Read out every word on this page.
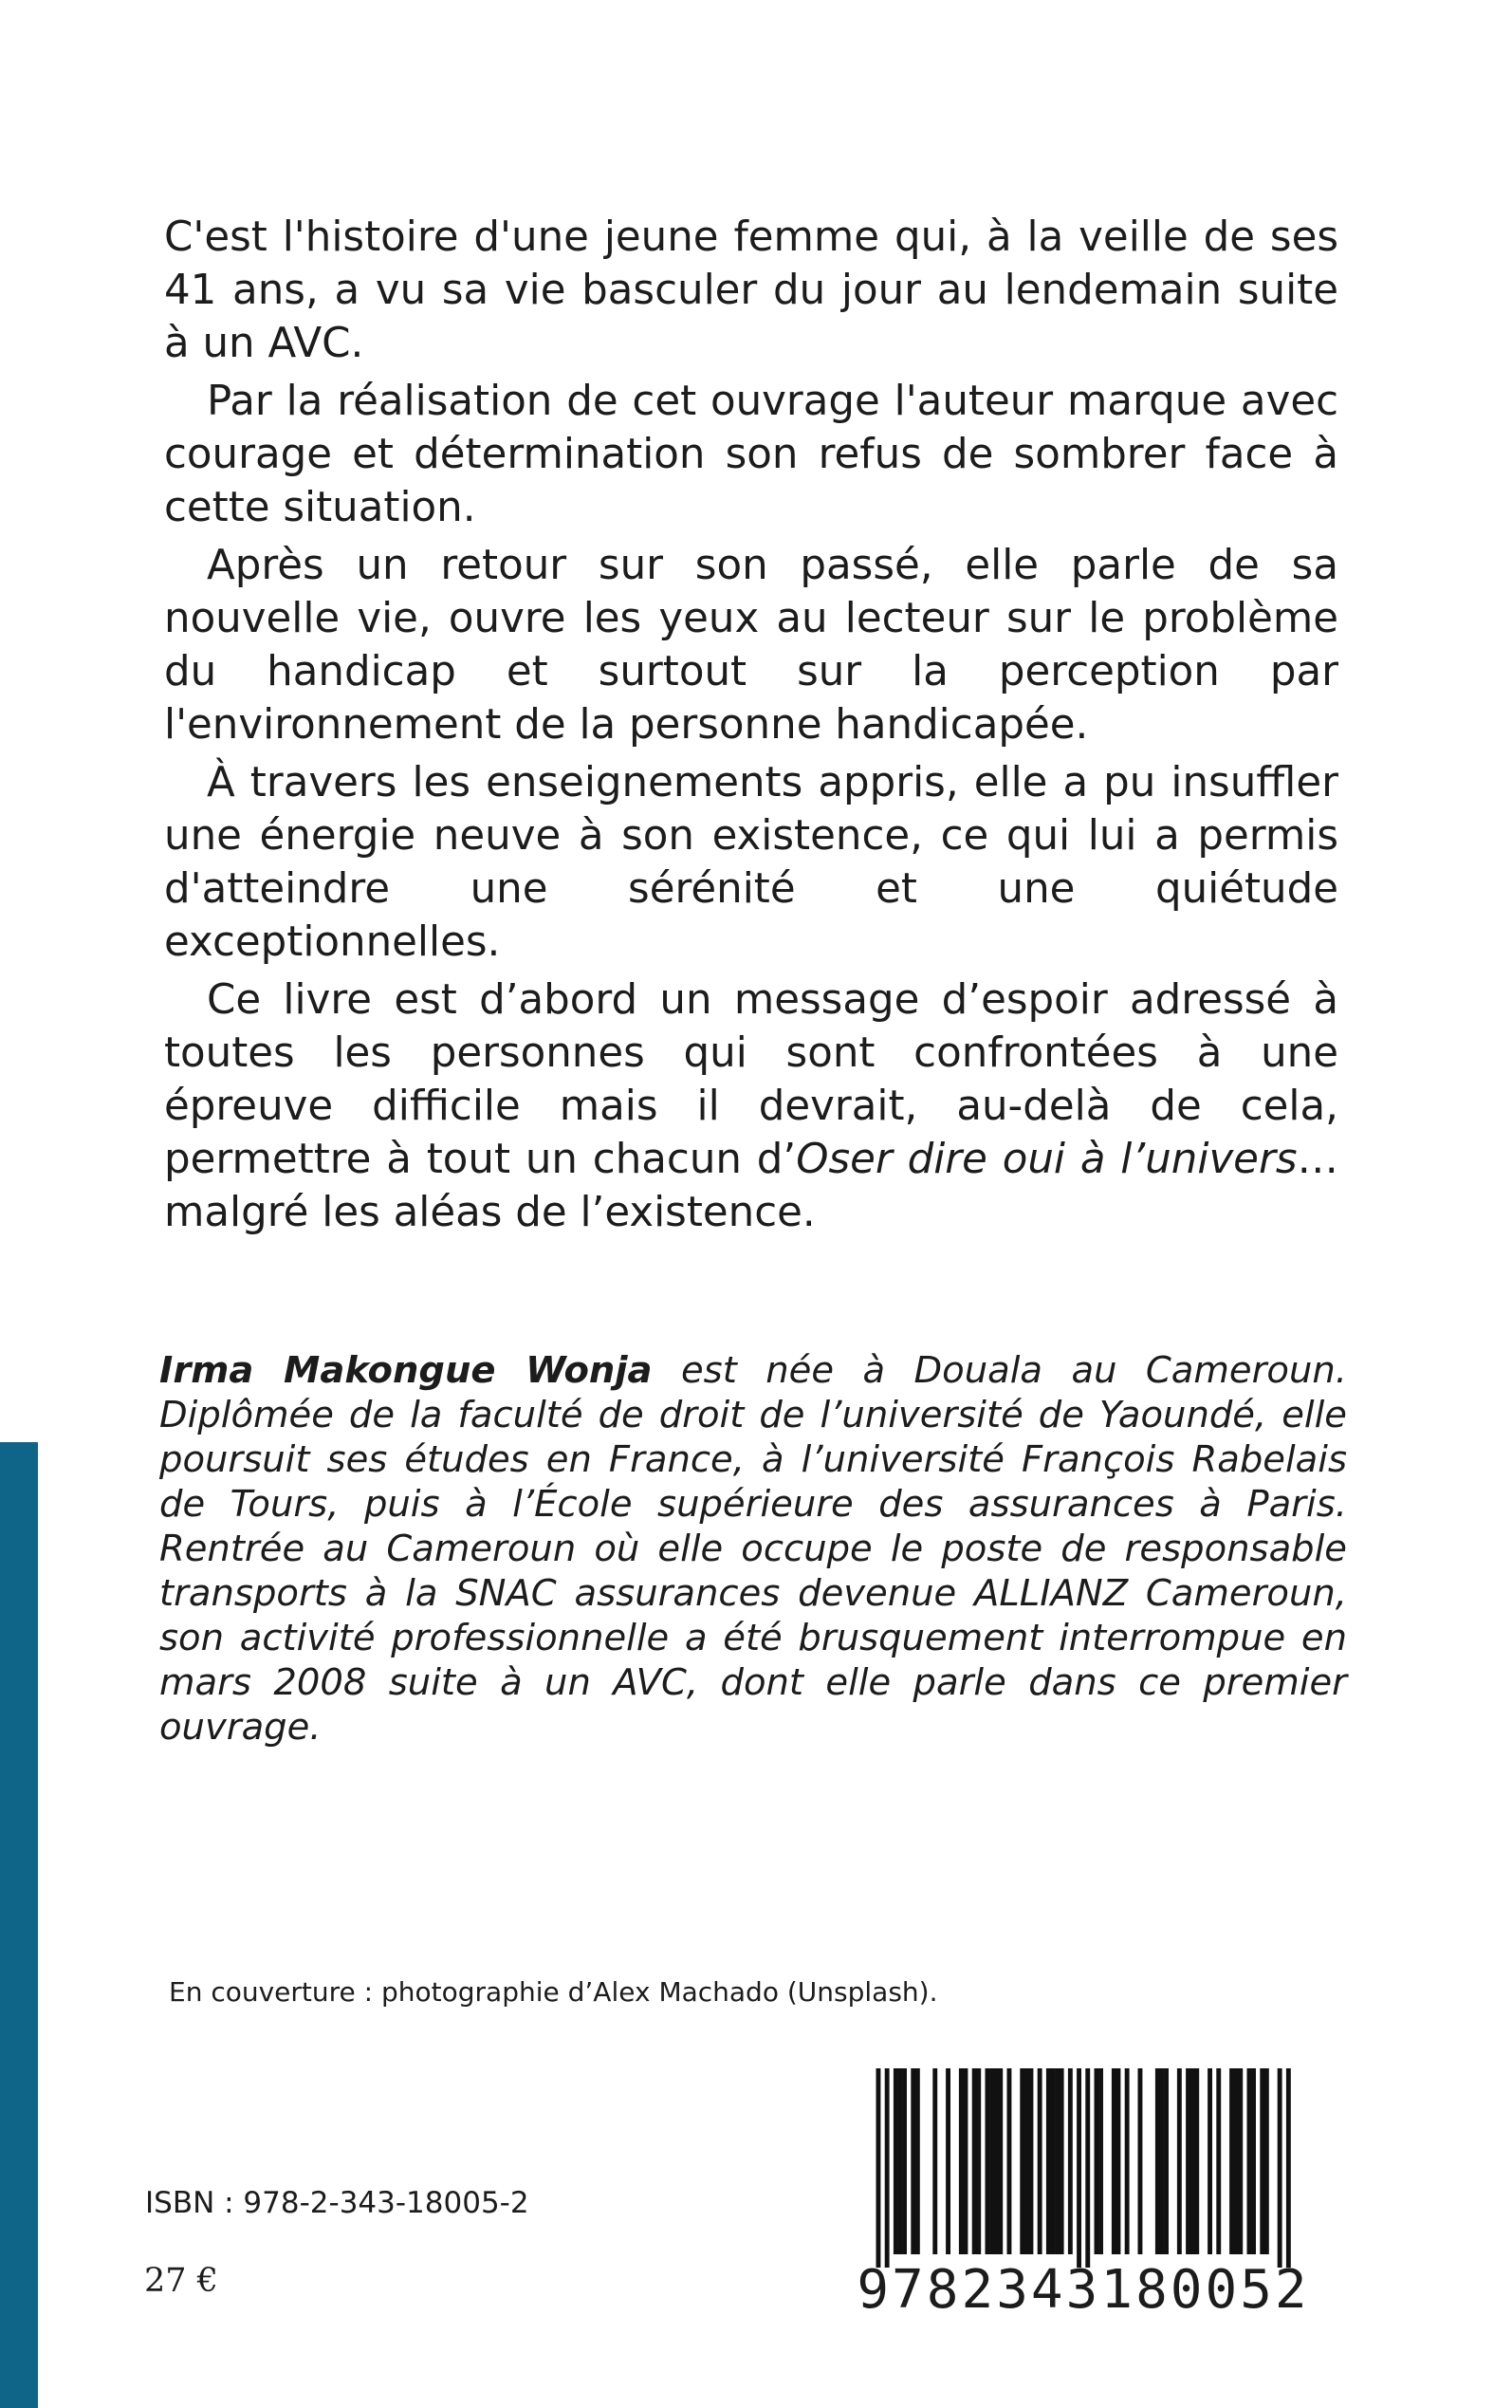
C'est l'histoire d'une jeune femme qui, à la veille de ses 41 ans, a vu sa vie basculer du jour au lendemain suite à un AVC.

Par la réalisation de cet ouvrage l'auteur marque avec courage et détermination son refus de sombrer face à cette situation.

Après un retour sur son passé, elle parle de sa nouvelle vie, ouvre les yeux au lecteur sur le problème du handicap et surtout sur la perception par l'environnement de la personne handicapée.

À travers les enseignements appris, elle a pu insuffler une énergie neuve à son existence, ce qui lui a permis d'atteindre une sérénité et une quiétude exceptionnelles.

Ce livre est d’abord un message d’espoir adressé à toutes les personnes qui sont confrontées à une épreuve difficile mais il devrait, au-delà de cela, permettre à tout un chacun d’Oser dire oui à l’univers… malgré les aléas de l’existence.

Irma Makongue Wonja est née à Douala au Cameroun. Diplômée de la faculté de droit de l’université de Yaoundé, elle poursuit ses études en France, à l’université François Rabelais de Tours, puis à l’École supérieure des assurances à Paris. Rentrée au Cameroun où elle occupe le poste de responsable transports à la SNAC assurances devenue ALLIANZ Cameroun, son activité professionnelle a été brusquement interrompue en mars 2008 suite à un AVC, dont elle parle dans ce premier ouvrage.

En couverture : photographie d’Alex Machado (Unsplash).
ISBN : 978-2-343-18005-2
27 €	9782343180052
